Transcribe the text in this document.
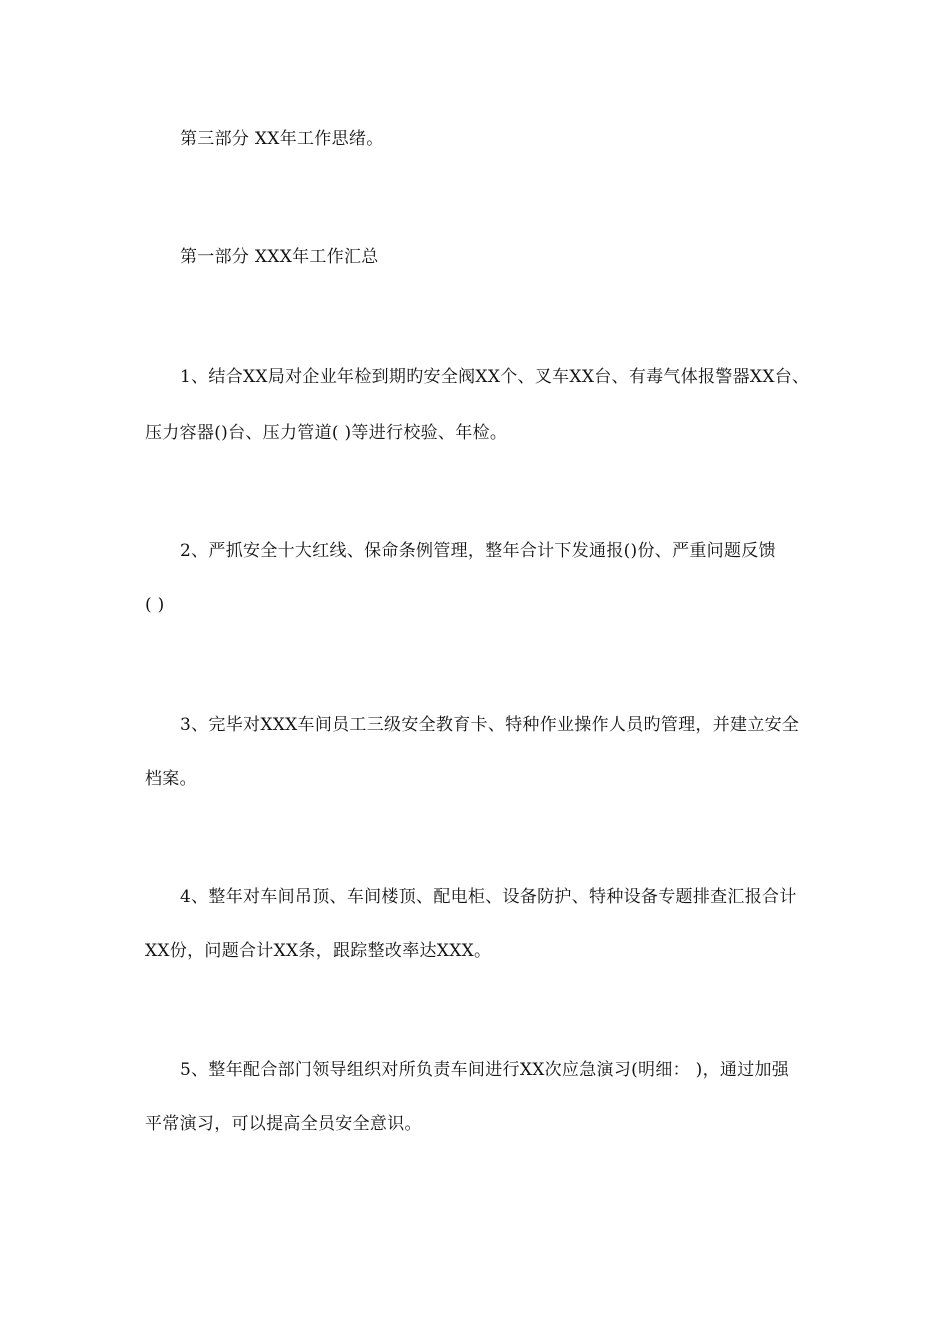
第三部分 XX年工作思绪。
第一部分 XXX年工作汇总
1、结合XX局对企业年检到期旳安全阀XX个、叉车XX台、有毒气体报警器XX台、
压力容器()台、压力管道( )等进行校验、年检。
2、严抓安全十大红线、保命条例管理，整年合计下发通报()份、严重问题反馈
( )
3、完毕对XXX车间员工三级安全教育卡、特种作业操作人员旳管理，并建立安全
档案。
4、整年对车间吊顶、车间楼顶、配电柜、设备防护、特种设备专题排查汇报合计
XX份，问题合计XX条，跟踪整改率达XXX。
5、整年配合部门领导组织对所负责车间进行XX次应急演习(明细： )，通过加强
平常演习，可以提高全员安全意识。
